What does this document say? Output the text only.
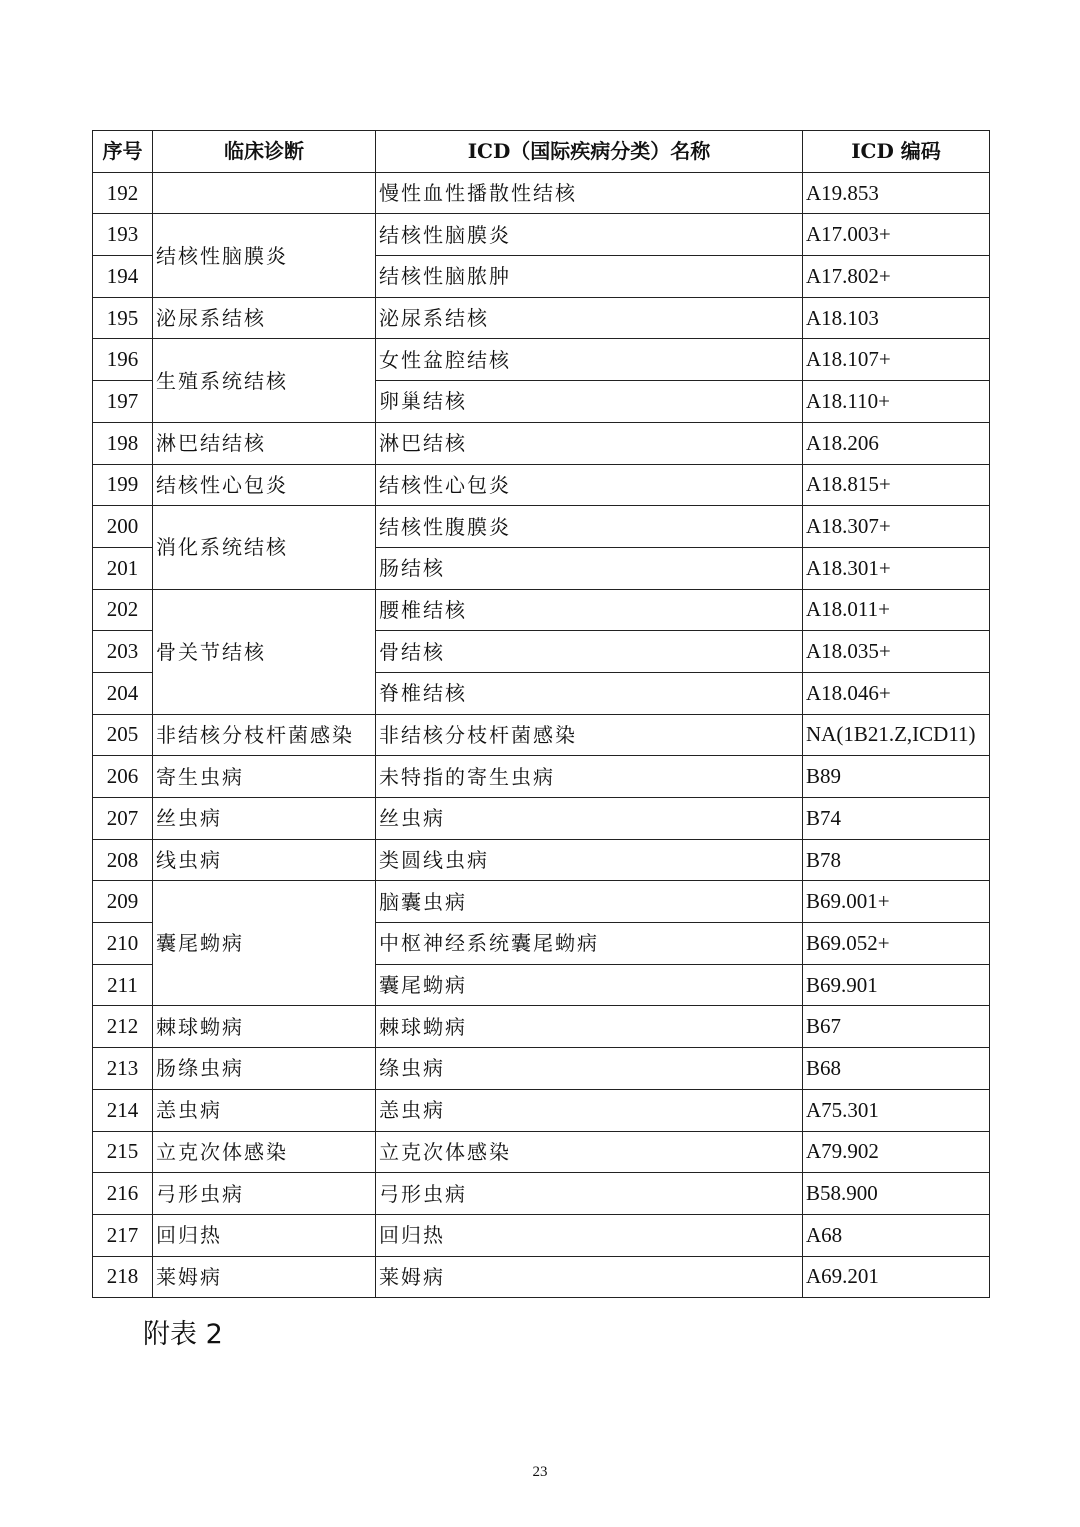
序号	临床诊断	ICD（国际疾病分类）名称	ICD 编码
192		慢性血性播散性结核	A19.853
193	结核性脑膜炎	结核性脑膜炎	A17.003+
194		结核性脑脓肿	A17.802+
195	泌尿系结核	泌尿系结核	A18.103
196	生殖系统结核	女性盆腔结核	A18.107+
197		卵巢结核	A18.110+
198	淋巴结结核	淋巴结核	A18.206
199	结核性心包炎	结核性心包炎	A18.815+
200	消化系统结核	结核性腹膜炎	A18.307+
201		肠结核	A18.301+
202	骨关节结核	腰椎结核	A18.011+
203		骨结核	A18.035+
204		脊椎结核	A18.046+
205	非结核分枝杆菌感染	非结核分枝杆菌感染	NA(1B21.Z,ICD11)
206	寄生虫病	未特指的寄生虫病	B89
207	丝虫病	丝虫病	B74
208	线虫病	类圆线虫病	B78
209	囊尾蚴病	脑囊虫病	B69.001+
210		中枢神经系统囊尾蚴病	B69.052+
211		囊尾蚴病	B69.901
212	棘球蚴病	棘球蚴病	B67
213	肠绦虫病	绦虫病	B68
214	恙虫病	恙虫病	A75.301
215	立克次体感染	立克次体感染	A79.902
216	弓形虫病	弓形虫病	B58.900
217	回归热	回归热	A68
218	莱姆病	莱姆病	A69.201
附表 2
23
